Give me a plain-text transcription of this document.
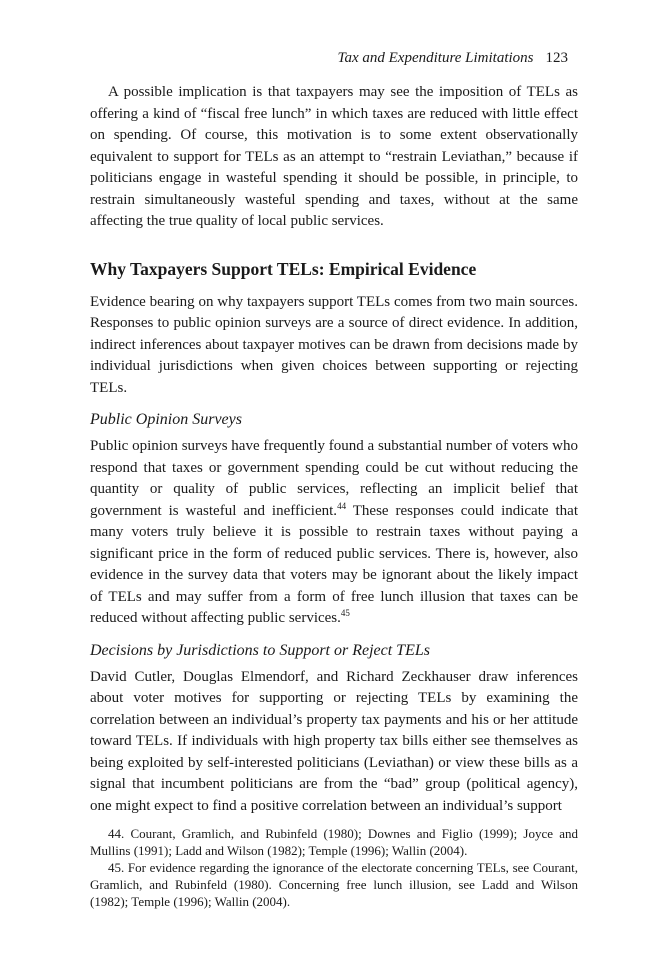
Tax and Expenditure Limitations 123

A possible implication is that taxpayers may see the imposition of TELs as offering a kind of “fiscal free lunch” in which taxes are reduced with little effect on spending. Of course, this motivation is to some extent observationally equivalent to support for TELs as an attempt to “restrain Leviathan,” because if politicians engage in wasteful spending it should be possible, in principle, to restrain simultaneously wasteful spending and taxes, without at the same affecting the true quality of local public services.

Why Taxpayers Support TELs: Empirical Evidence

Evidence bearing on why taxpayers support TELs comes from two main sources. Responses to public opinion surveys are a source of direct evidence. In addition, indirect inferences about taxpayer motives can be drawn from decisions made by individual jurisdictions when given choices between supporting or rejecting TELs.

Public Opinion Surveys

Public opinion surveys have frequently found a substantial number of voters who respond that taxes or government spending could be cut without reducing the quantity or quality of public services, reflecting an implicit belief that government is wasteful and inefficient.$^{44}$ These responses could indicate that many voters truly believe it is possible to restrain taxes without paying a significant price in the form of reduced public services. There is, however, also evidence in the survey data that voters may be ignorant about the likely impact of TELs and may suffer from a form of free lunch illusion that taxes can be reduced without affecting public services.$^{45}$

Decisions by Jurisdictions to Support or Reject TELs

David Cutler, Douglas Elmendorf, and Richard Zeckhauser draw inferences about voter motives for supporting or rejecting TELs by examining the correlation between an individual’s property tax payments and his or her attitude toward TELs. If individuals with high property tax bills either see themselves as being exploited by self-interested politicians (Leviathan) or view these bills as a signal that incumbent politicians are from the “bad” group (political agency), one might expect to find a positive correlation between an individual’s support

44. Courant, Gramlich, and Rubinfeld (1980); Downes and Figlio (1999); Joyce and Mullins (1991); Ladd and Wilson (1982); Temple (1996); Wallin (2004).

45. For evidence regarding the ignorance of the electorate concerning TELs, see Courant, Gramlich, and Rubinfeld (1980). Concerning free lunch illusion, see Ladd and Wilson (1982); Temple (1996); Wallin (2004).
